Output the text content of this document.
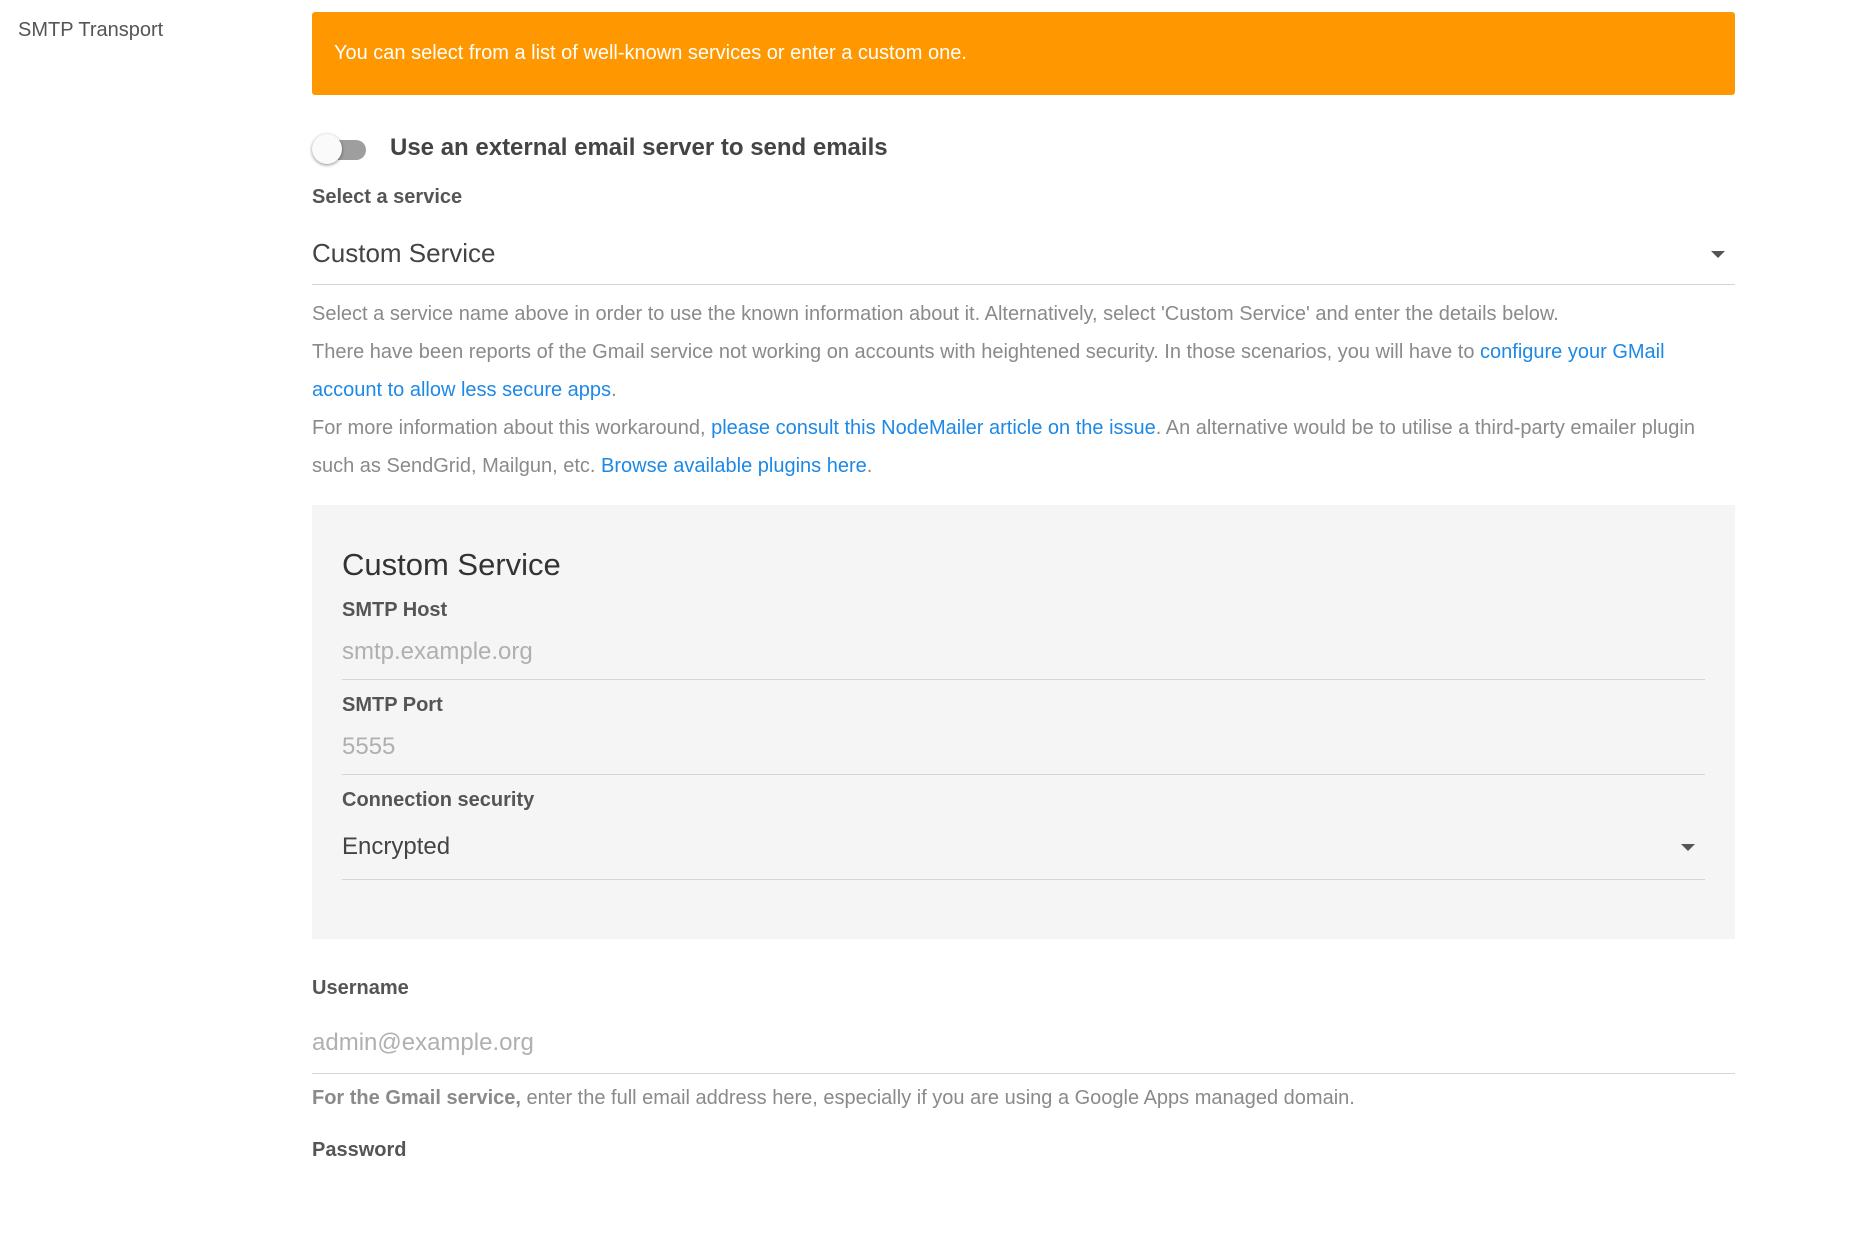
SMTP Transport
You can select from a list of well-known services or enter a custom one.
Use an external email server to send emails
Select a service
Custom Service
Select a service name above in order to use the known information about it. Alternatively, select 'Custom Service' and enter the details below.
There have been reports of the Gmail service not working on accounts with heightened security. In those scenarios, you will have to configure your GMail account to allow less secure apps.
For more information about this workaround, please consult this NodeMailer article on the issue. An alternative would be to utilise a third-party emailer plugin such as SendGrid, Mailgun, etc. Browse available plugins here.
Custom Service
SMTP Host
smtp.example.org
SMTP Port
5555
Connection security
Encrypted
Username
admin@example.org
For the Gmail service, enter the full email address here, especially if you are using a Google Apps managed domain.
Password
